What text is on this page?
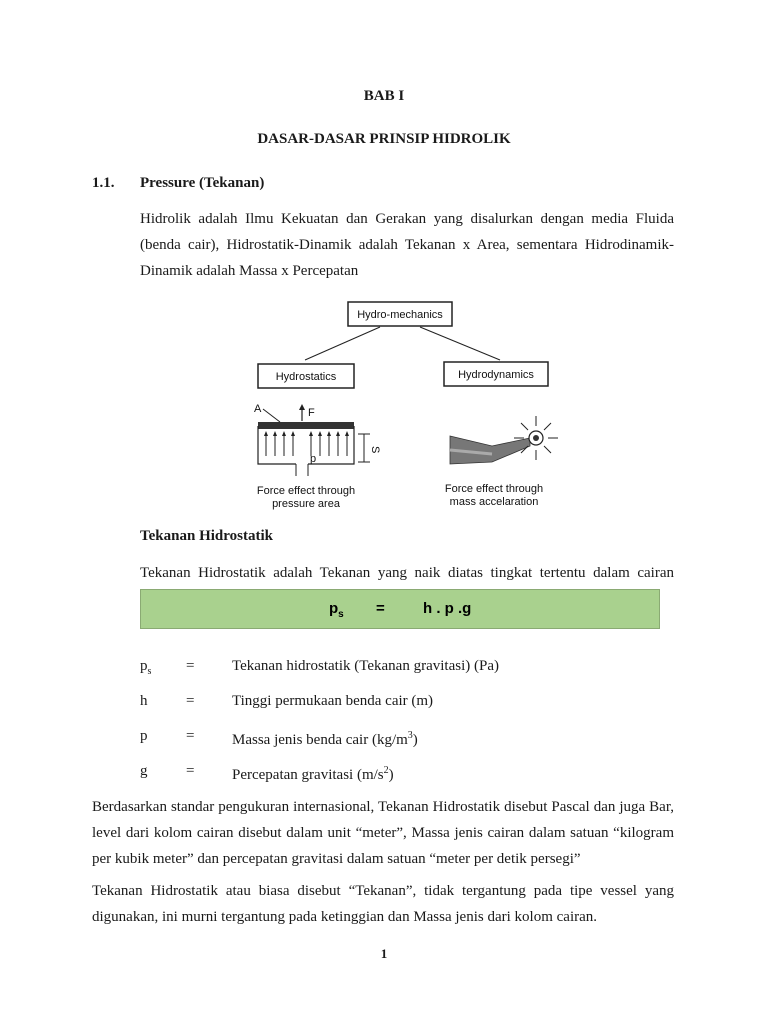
BAB I
DASAR-DASAR PRINSIP HIDROLIK
1.1. Pressure (Tekanan)
Hidrolik adalah Ilmu Kekuatan dan Gerakan yang disalurkan dengan media Fluida (benda cair), Hidrostatik-Dinamik adalah Tekanan x Area, sementara Hidrodinamik-Dinamik adalah Massa x Percepatan
Hydro-mechanics
Hydrostatics	Hydrodynamics
A	F
p
S
Force effect through
pressure area
Force effect through
mass accelaration
Tekanan Hidrostatik
Tekanan Hidrostatik adalah Tekanan yang naik diatas tingkat tertentu dalam cairan
$p_s$ =	h . p .g
$p_s$ =	Tekanan hidrostatik (Tekanan gravitasi) (Pa)
h	=	Tinggi permukaan benda cair (m)
p	=	Massa jenis benda cair $(kg/m^3)$
g	=	Percepatan gravitasi $(m/s^2)$
Berdasarkan standar pengukuran internasional, Tekanan Hidrostatik disebut Pascal dan juga Bar, level dari kolom cairan disebut dalam unit “meter”, Massa jenis cairan dalam satuan “kilogram per kubik meter” dan percepatan gravitasi dalam satuan “meter per detik persegi”
Tekanan Hidrostatik atau biasa disebut “Tekanan”, tidak tergantung pada tipe vessel yang digunakan, ini murni tergantung pada ketinggian dan Massa jenis dari kolom cairan.
1
